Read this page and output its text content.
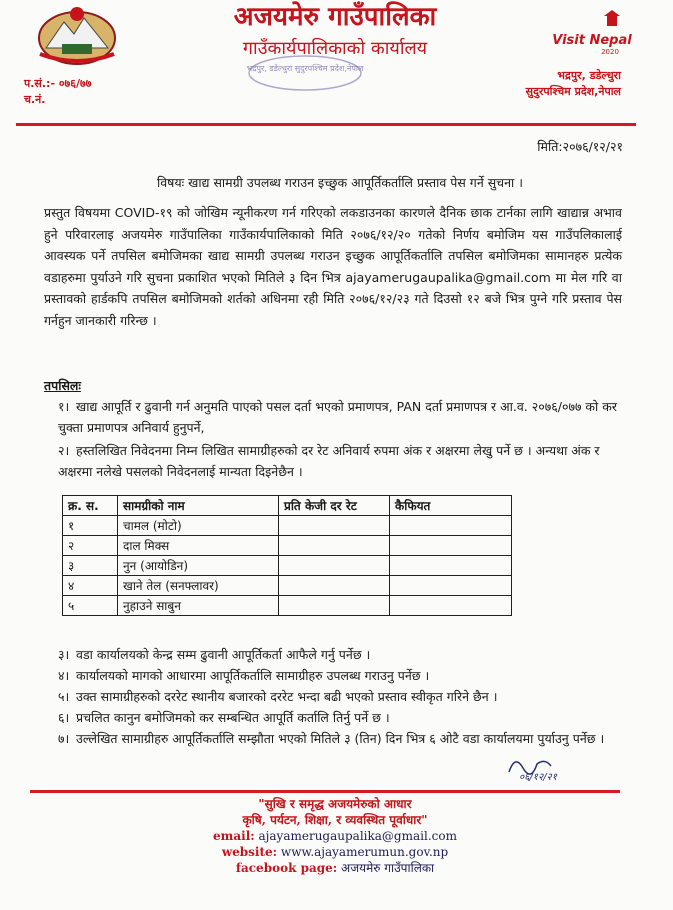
अजयमेरु गाउँपालिका
गाउँकार्यपालिकाको कार्यालय
भद्रपुर, डडेल्धुरा सुदुरपश्चिम प्रदेश,नेपाल
Visit Nepal
2020
प.सं.:- ०७६/७७
च.नं.
भद्रपुर, डडेल्धुरा
सुदुरपश्चिम प्रदेश,नेपाल
मिति:२०७६/१२/२१
विषयः खाद्य सामग्री उपलब्ध गराउन इच्छुक आपूर्तिकर्तालि प्रस्ताव पेस गर्ने सुचना ।
प्रस्तुत विषयमा COVID-१९ को जोखिम न्यूनीकरण गर्न गरिएको लकडाउनका कारणले दैनिक छाक टार्नका लागि खाद्यान्न अभाव हुने परिवारलाइ अजयमेरु गाउँपालिका गाउँकार्यपालिकाको मिति २०७६/१२/२० गतेको निर्णय बमोजिम यस गाउँपलिकालाई आवस्यक पर्ने तपसिल बमोजिमका खाद्य सामग्री उपलब्ध गराउन इच्छुक आपूर्तिकर्तालि तपसिल बमोजिमका सामानहरु प्रत्येक वडाहरुमा पुर्याउने गरि सुचना प्रकाशित भएको मितिले ३ दिन भित्र ajayamerugaupalika@gmail.com मा मेल गरि वा प्रस्तावको हार्डकपि तपसिल बमोजिमको शर्तको अधिनमा रही मिति २०७६/१२/२३ गते दिउसो १२ बजे भित्र पुग्ने गरि प्रस्ताव पेस गर्नहुन जानकारी गरिन्छ ।
तपसिलः
१। खाद्य आपूर्ति र ढुवानी गर्न अनुमति पाएको पसल दर्ता भएको प्रमाणपत्र, PAN दर्ता प्रमाणपत्र र आ.व. २०७६/०७७ को कर चुक्ता प्रमाणपत्र अनिवार्य हुनुपर्ने,
२। हस्तलिखित निवेदनमा निम्न लिखित सामाग्रीहरुको दर रेट अनिवार्य रुपमा अंक र अक्षरमा लेखु पर्ने छ । अन्यथा अंक र अक्षरमा नलेखे पसलको निवेदनलाई मान्यता दिइनेछैन ।
क्र. स.	सामग्रीको नाम	प्रति केजी दर रेट	कैफियत
१	चामल (मोटो)		
२	दाल मिक्स		
३	नुन (आयोडिन)		
४	खाने तेल (सनफ्लावर)		
५	नुहाउने साबुन		
३। वडा कार्यालयको केन्द्र सम्म ढुवानी आपूर्तिकर्ता आफैले गर्नु पर्नेछ ।
४। कार्यालयको मागको आधारमा आपूर्तिकर्तालि सामाग्रीहरु उपलब्ध गराउनु पर्नेछ ।
५। उक्त सामाग्रीहरुको दररेट स्थानीय बजारको दररेट भन्दा बढी भएको प्रस्ताव स्वीकृत गरिने छैन ।
६। प्रचलित कानुन बमोजिमको कर सम्बन्धित आपूर्ति कर्तालि तिर्नु पर्ने छ ।
७। उल्लेखित सामाग्रीहरु आपूर्तिकर्तालि सम्झौता भएको मितिले ३ (तिन) दिन भित्र ६ ओटै वडा कार्यालयमा पुर्याउनु पर्नेछ ।
०६/१२/२१
"सुखि र समृद्ध अजयमेरुको आधार
कृषि, पर्यटन, शिक्षा, र व्यवस्थित पूर्वाधार"
email: ajayamerugaupalika@gmail.com
website: www.ajayamerumun.gov.np
facebook page: अजयमेरु गाउँपालिका
